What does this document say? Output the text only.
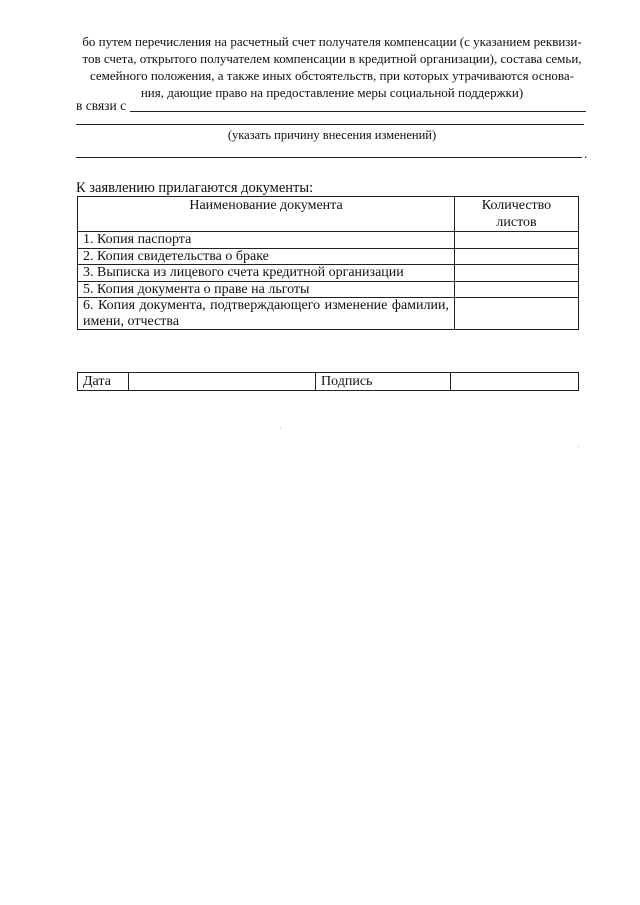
бо путем перечисления на расчетный счет получателя компенсации (с указанием реквизи-

тов счета, открытого получателем компенсации в кредитной организации), состава семьи,

семейного положения, а также иных обстоятельств, при которых утрачиваются основа-

ния, дающие право на предоставление меры социальной поддержки)

в связи с
(указать причину внесения изменений)
.
К заявлению прилагаются документы:
Наименование документа	Количество
листов

1. Копия паспорта	
2. Копия свидетельства о браке	
3. Выписка из лицевого счета кредитной организации	
5. Копия документа о праве на льготы	
6. Копия документа, подтверждающего изменение фамилии, имени, отчества	
Дата		Подпись	
